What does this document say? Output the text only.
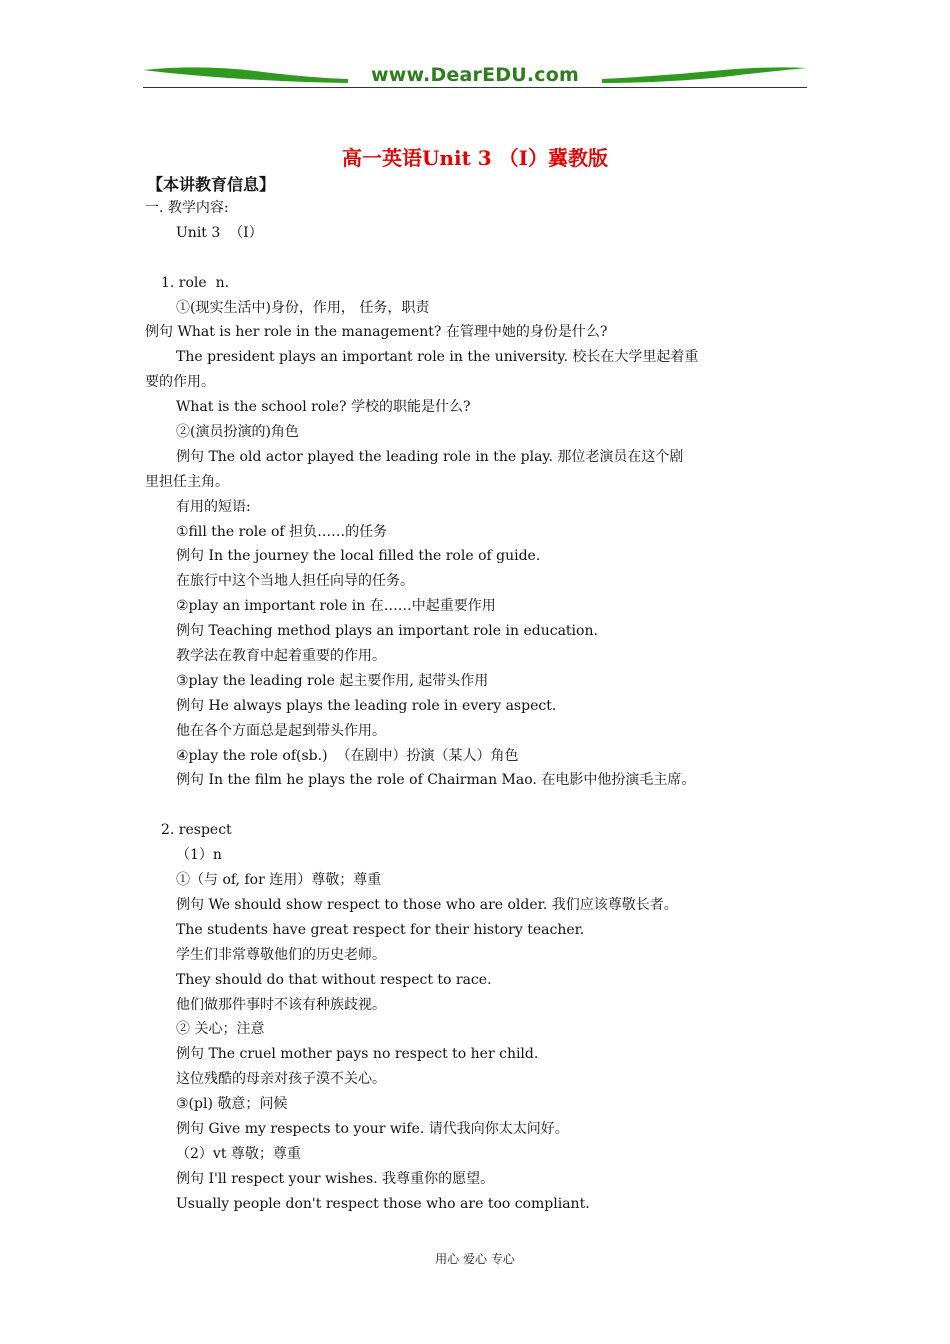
www.DearEDU.com
高一英语Unit 3 （I）冀教版
【本讲教育信息】
一. 教学内容:
Unit 3  （I）
1. role  n.
①(现实生活中)身份，作用， 任务，职责
例句 What is her role in the management? 在管理中她的身份是什么?
The president plays an important role in the university. 校长在大学里起着重
要的作用。
What is the school role? 学校的职能是什么?
②(演员扮演的)角色
例句 The old actor played the leading role in the play. 那位老演员在这个剧
里担任主角。
有用的短语:
①fill the role of 担负……的任务
例句 In the journey the local filled the role of guide.
在旅行中这个当地人担任向导的任务。
②play an important role in 在……中起重要作用
例句 Teaching method plays an important role in education.
教学法在教育中起着重要的作用。
③play the leading role 起主要作用, 起带头作用
例句 He always plays the leading role in every aspect.
他在各个方面总是起到带头作用。
④play the role of(sb.)  （在剧中）扮演（某人）角色
例句 In the film he plays the role of Chairman Mao. 在电影中他扮演毛主席。
2. respect
（1）n
①（与 of, for 连用）尊敬；尊重
例句 We should show respect to those who are older. 我们应该尊敬长者。
The students have great respect for their history teacher.
学生们非常尊敬他们的历史老师。
They should do that without respect to race.
他们做那件事时不该有种族歧视。
② 关心；注意
例句 The cruel mother pays no respect to her child.
这位残酷的母亲对孩子漠不关心。
③(pl) 敬意；问候
例句 Give my respects to your wife. 请代我向你太太问好。
（2）vt 尊敬；尊重
例句 I'll respect your wishes. 我尊重你的愿望。
Usually people don't respect those who are too compliant.
用心 爱心 专心
